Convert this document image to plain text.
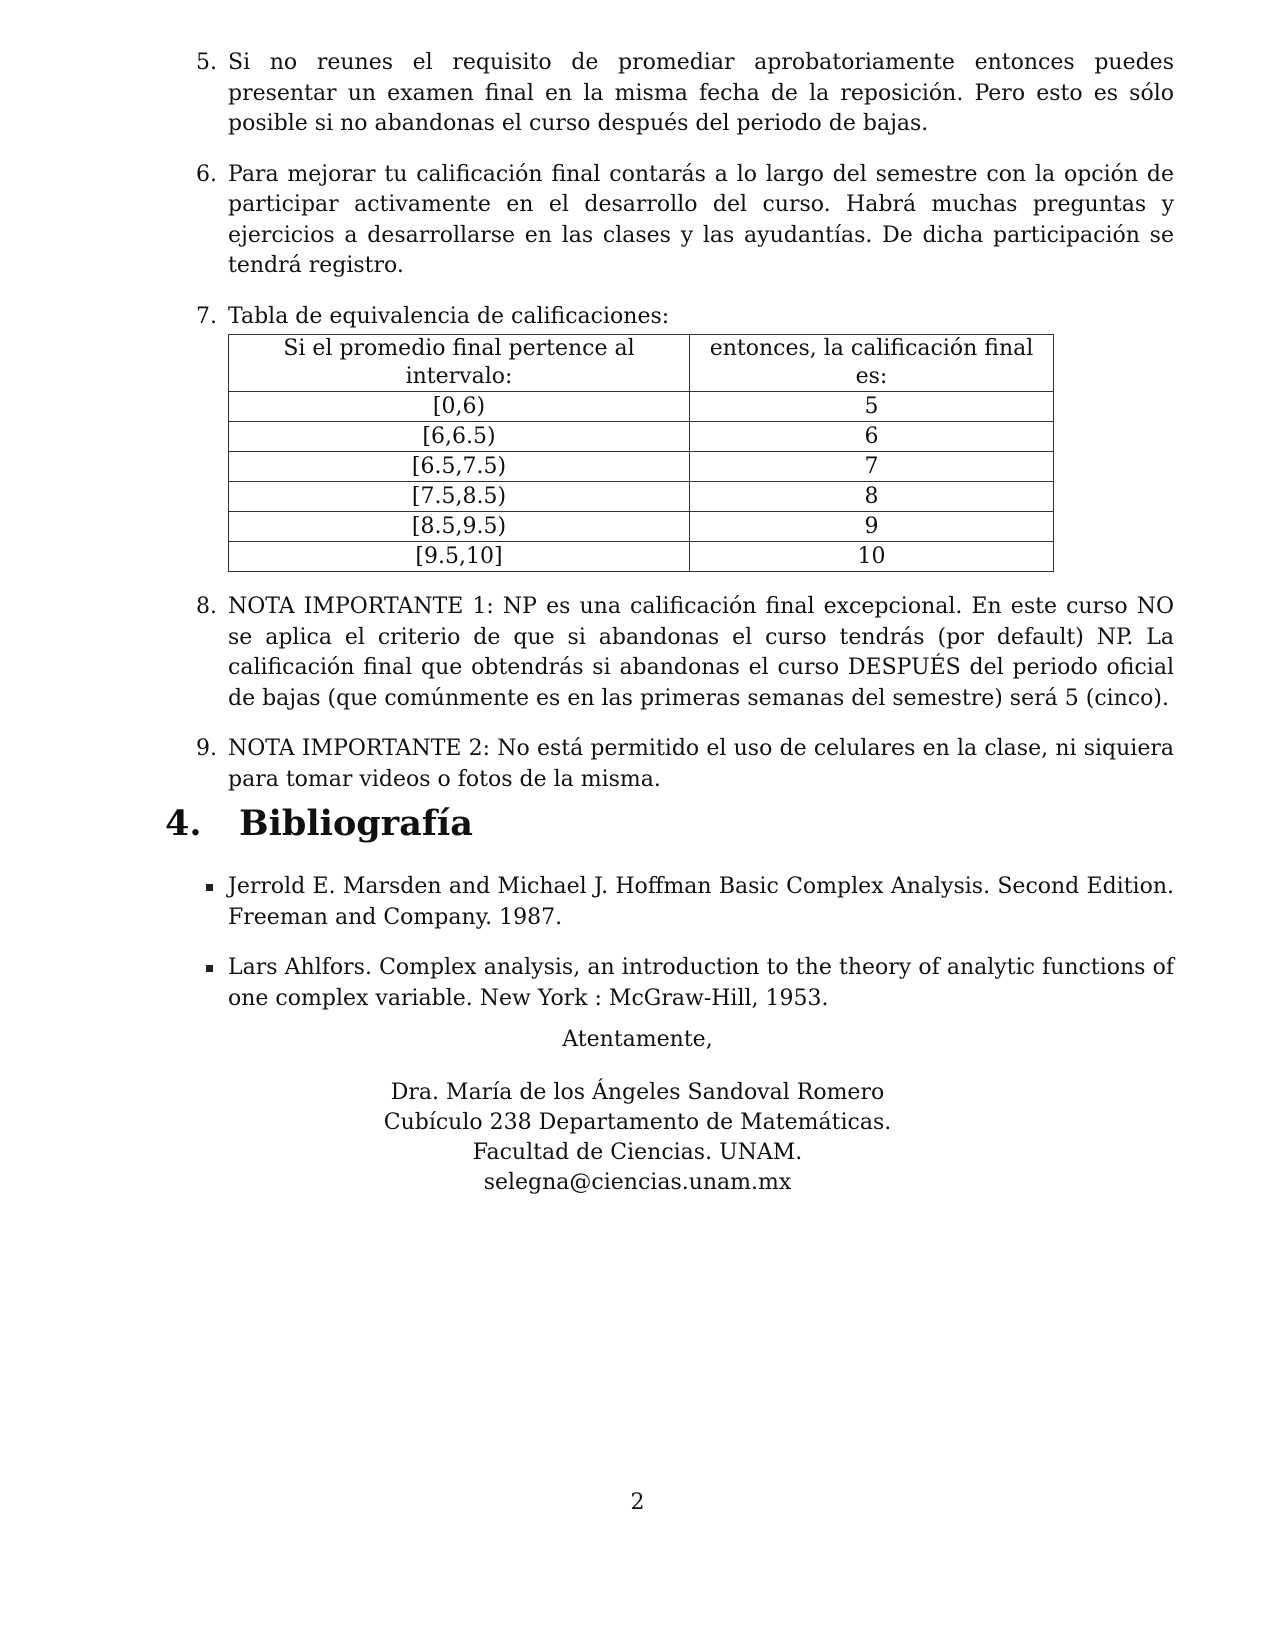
5. Si no reunes el requisito de promediar aprobatoriamente entonces puedes presentar un examen final en la misma fecha de la reposición. Pero esto es sólo posible si no abandonas el curso después del periodo de bajas.
6. Para mejorar tu calificación final contarás a lo largo del semestre con la opción de participar activamente en el desarrollo del curso. Habrá muchas preguntas y ejercicios a desarrollarse en las clases y las ayudantías. De dicha participación se tendrá registro.
7. Tabla de equivalencia de calificaciones:
Si el promedio final pertence al intervalo:	entonces, la calificación final es:
[0,6)	5
[6,6.5)	6
[6.5,7.5)	7
[7.5,8.5)	8
[8.5,9.5)	9
[9.5,10]	10
8. NOTA IMPORTANTE 1: NP es una calificación final excepcional. En este curso NO se aplica el criterio de que si abandonas el curso tendrás (por default) NP. La calificación final que obtendrás si abandonas el curso DESPUÉS del periodo oficial de bajas (que comúnmente es en las primeras semanas del semestre) será 5 (cinco).
9. NOTA IMPORTANTE 2: No está permitido el uso de celulares en la clase, ni siquiera para tomar videos o fotos de la misma.
4. Bibliografía
Jerrold E. Marsden and Michael J. Hoffman Basic Complex Analysis. Second Edition. Freeman and Company. 1987.
Lars Ahlfors. Complex analysis, an introduction to the theory of analytic functions of one complex variable. New York : McGraw-Hill, 1953.
Atentamente,
Dra. María de los Ángeles Sandoval Romero
Cubículo 238 Departamento de Matemáticas.
Facultad de Ciencias. UNAM.
selegna@ciencias.unam.mx
2
